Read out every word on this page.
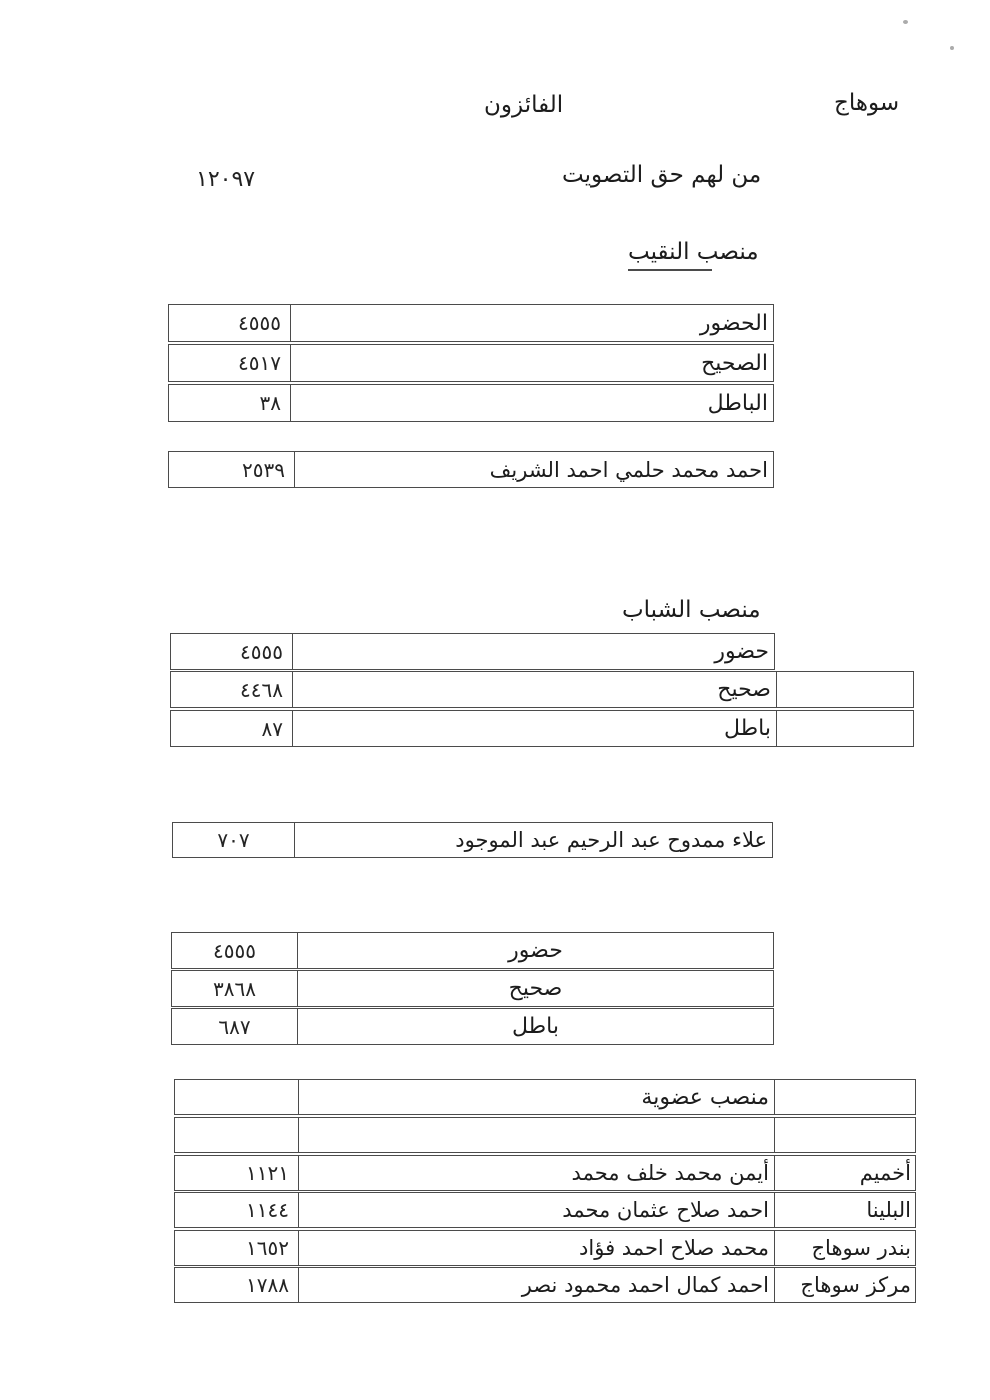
سوهاج
الفائزون
من لهم حق التصويت
١٢٠٩٧
منصب النقيب
٤٥٥٥	الحضور
٤٥١٧	الصحيح
٣٨	الباطل
٢٥٣٩	احمد محمد حلمي احمد الشريف
منصب الشباب
٤٥٥٥	حضور
٤٤٦٨	صحيح
٨٧	باطل
٧٠٧	علاء ممدوح عبد الرحيم عبد الموجود
٤٥٥٥	حضور
٣٨٦٨	صحيح
٦٨٧	باطل
منصب عضوية
١١٢١	أيمن محمد خلف محمد	أخميم
١١٤٤	احمد صلاح عثمان محمد	البلينا
١٦٥٢	محمد صلاح احمد فؤاد	بندر سوهاج
١٧٨٨	احمد كمال احمد محمود نصر	مركز سوهاج
